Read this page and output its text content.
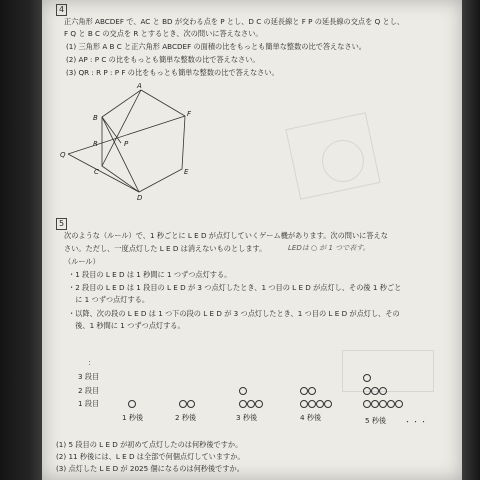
4
正六角形 ABCDEF で、AC と BD が交わる点を P とし、D C の延長線と F P の延長線の交点を Q とし、
F Q と B C の交点を R とするとき、次の問いに答えなさい。
(1) 三角形 A B C と正六角形 ABCDEF の面積の比をもっとも簡単な整数の比で答えなさい。
(2) AP : P C の比をもっとも簡単な整数の比で答えなさい。
(3) QR : R P : P F の比をもっとも簡単な整数の比で答えなさい。
A
B
C
D
E
F
P
Q
R
5
次のような（ルール）で、1 秒ごとに L E D が点灯していくゲーム機があります。次の問いに答えな
さい。ただし、一度点灯した L E D は消えないものとします。	LEDは ○ が 1 つで表す。
（ルール）
・1 段目の L E D は 1 秒間に 1 つずつ点灯する。
・2 段目の L E D は 1 段目の L E D が 3 つ点灯したとき、1 つ目の L E D が点灯し、その後 1 秒ごと
　に 1 つずつ点灯する。
・以降、次の段の L E D は 1 つ下の段の L E D が 3 つ点灯したとき、1 つ目の L E D が点灯し、その
　後、1 秒間に 1 つずつ点灯する。
：
3 段目
2 段目
1 段目
1 秒後	2 秒後	3 秒後	4 秒後	5 秒後	・・・
(1) 5 段目の L E D が初めて点灯したのは何秒後ですか。
(2) 11 秒後には、L E D は全部で何個点灯していますか。
(3) 点灯した L E D が 2025 個になるのは何秒後ですか。
